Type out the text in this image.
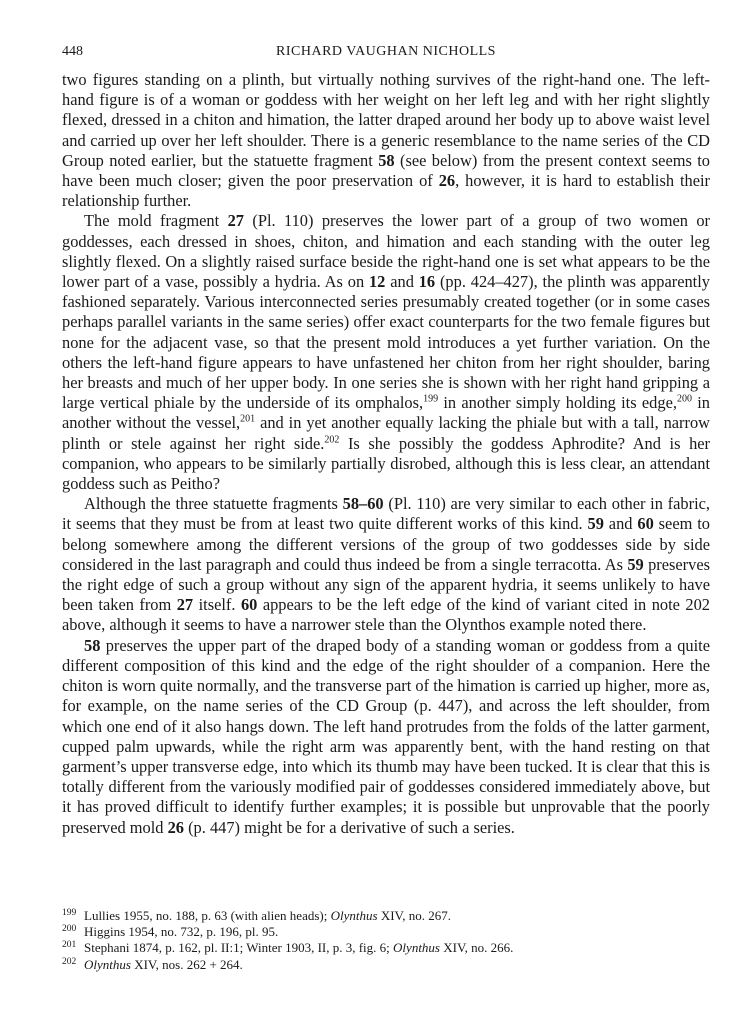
448	RICHARD VAUGHAN NICHOLLS

two figures standing on a plinth, but virtually nothing survives of the right-hand one. The left-hand figure is of a woman or goddess with her weight on her left leg and with her right slightly flexed, dressed in a chiton and himation, the latter draped around her body up to above waist level and carried up over her left shoulder. There is a generic resemblance to the name series of the CD Group noted earlier, but the statuette fragment 58 (see below) from the present context seems to have been much closer; given the poor preservation of 26, however, it is hard to establish their relationship further.

The mold fragment 27 (Pl. 110) preserves the lower part of a group of two women or goddesses, each dressed in shoes, chiton, and himation and each standing with the outer leg slightly flexed. On a slightly raised surface beside the right-hand one is set what appears to be the lower part of a vase, possibly a hydria. As on 12 and 16 (pp. 424–427), the plinth was apparently fashioned separately. Various interconnected series presumably created together (or in some cases perhaps parallel variants in the same series) offer exact counterparts for the two female figures but none for the adjacent vase, so that the present mold introduces a yet further variation. On the others the left-hand figure appears to have unfastened her chiton from her right shoulder, baring her breasts and much of her upper body. In one series she is shown with her right hand gripping a large vertical phiale by the underside of its omphalos,$^{199}$ in another simply holding its edge,$^{200}$ in another without the vessel,$^{201}$ and in yet another equally lacking the phiale but with a tall, narrow plinth or stele against her right side.$^{202}$ Is she possibly the goddess Aphrodite? And is her companion, who appears to be similarly partially disrobed, although this is less clear, an attendant goddess such as Peitho?

Although the three statuette fragments 58–60 (Pl. 110) are very similar to each other in fabric, it seems that they must be from at least two quite different works of this kind. 59 and 60 seem to belong somewhere among the different versions of the group of two goddesses side by side considered in the last paragraph and could thus indeed be from a single terracotta. As 59 preserves the right edge of such a group without any sign of the apparent hydria, it seems unlikely to have been taken from 27 itself. 60 appears to be the left edge of the kind of variant cited in note 202 above, although it seems to have a narrower stele than the Olynthos example noted there.

58 preserves the upper part of the draped body of a standing woman or goddess from a quite different composition of this kind and the edge of the right shoulder of a companion. Here the chiton is worn quite normally, and the transverse part of the himation is carried up higher, more as, for example, on the name series of the CD Group (p. 447), and across the left shoulder, from which one end of it also hangs down. The left hand protrudes from the folds of the latter garment, cupped palm upwards, while the right arm was apparently bent, with the hand resting on that garment’s upper transverse edge, into which its thumb may have been tucked. It is clear that this is totally different from the variously modified pair of goddesses considered immediately above, but it has proved difficult to identify further examples; it is possible but unprovable that the poorly preserved mold 26 (p. 447) might be for a derivative of such a series.

199 Lullies 1955, no. 188, p. 63 (with alien heads); Olynthus XIV, no. 267.
200 Higgins 1954, no. 732, p. 196, pl. 95.
201 Stephani 1874, p. 162, pl. II:1; Winter 1903, II, p. 3, fig. 6; Olynthus XIV, no. 266.
202 Olynthus XIV, nos. 262 + 264.
